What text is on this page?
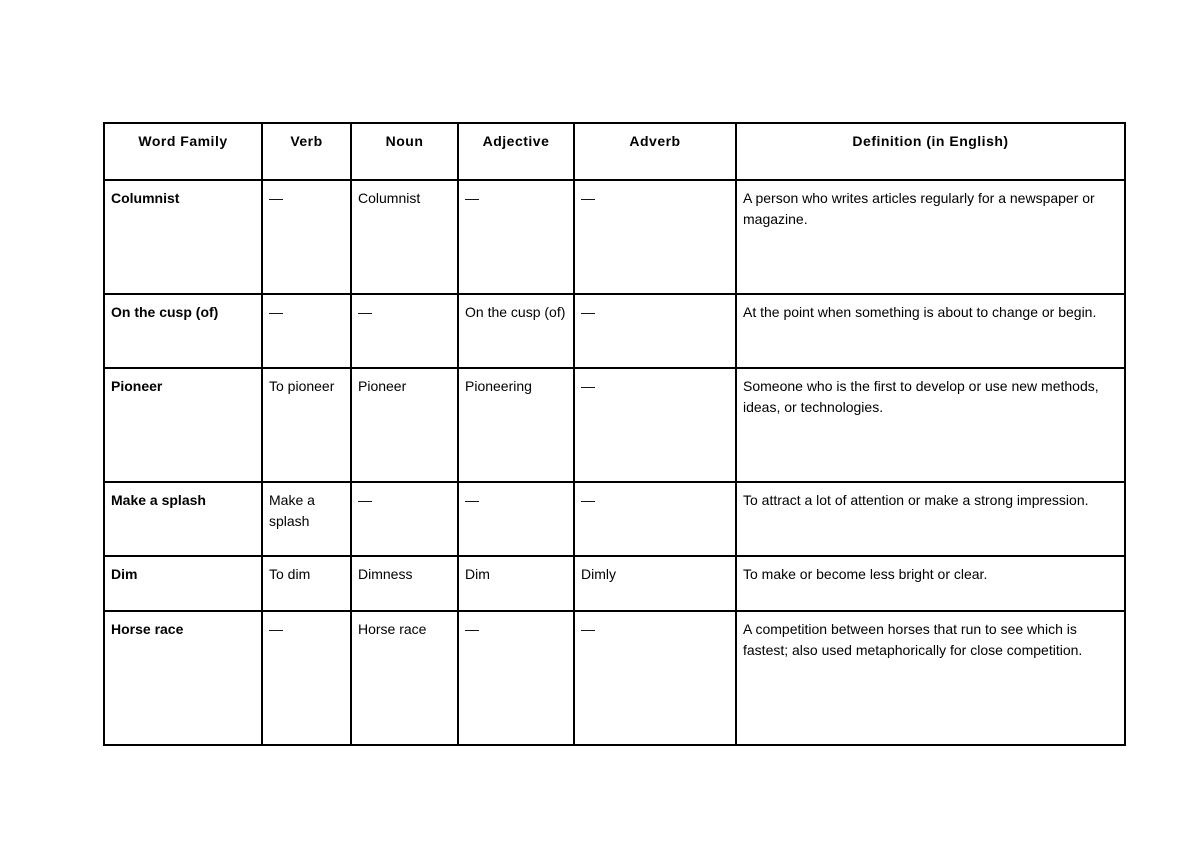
Word Family	Verb	Noun	Adjective	Adverb	Definition (in English)
Columnist	—	Columnist	—	—	A person who writes articles regularly for a newspaper or magazine.
On the cusp (of)	—	—	On the cusp (of)	—	At the point when something is about to change or begin.
Pioneer	To pioneer	Pioneer	Pioneering	—	Someone who is the first to develop or use new methods, ideas, or technologies.
Make a splash	Make a splash	—	—	—	To attract a lot of attention or make a strong impression.
Dim	To dim	Dimness	Dim	Dimly	To make or become less bright or clear.
Horse race	—	Horse race	—	—	A competition between horses that run to see which is fastest; also used metaphorically for close competition.
